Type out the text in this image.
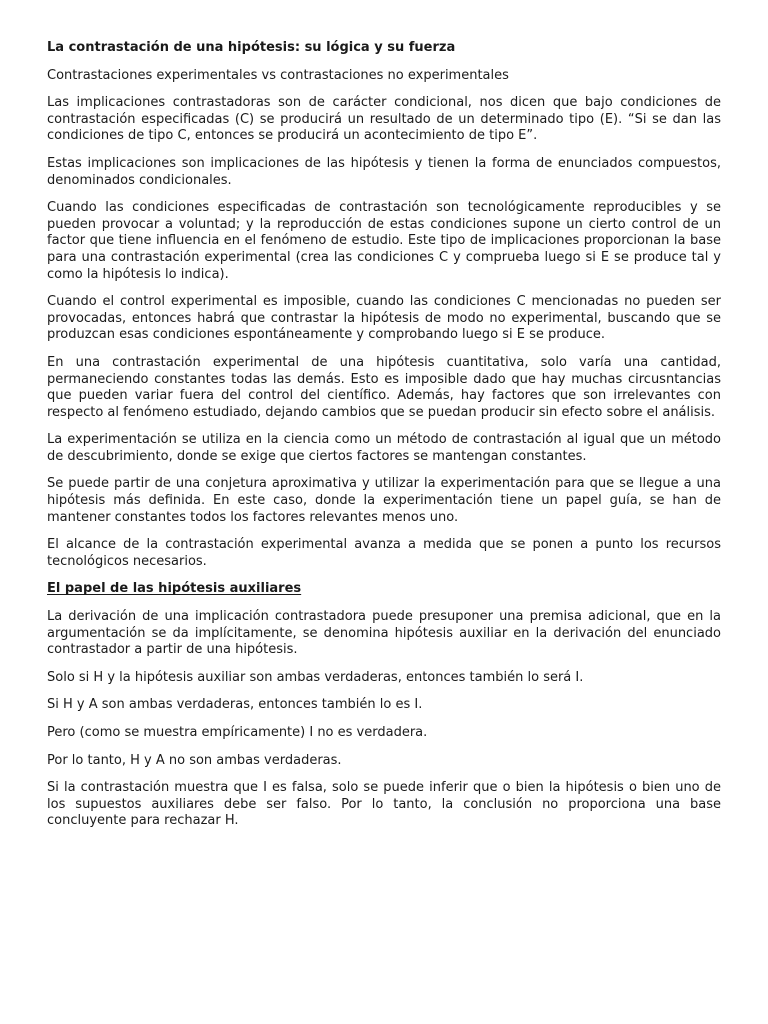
La contrastación de una hipótesis: su lógica y su fuerza

Contrastaciones experimentales vs contrastaciones no experimentales

Las implicaciones contrastadoras son de carácter condicional, nos dicen que bajo condiciones de contrastación especificadas (C) se producirá un resultado de un determinado tipo (E). “Si se dan las condiciones de tipo C, entonces se producirá un acontecimiento de tipo E”.

Estas implicaciones son implicaciones de las hipótesis y tienen la forma de enunciados compuestos, denominados condicionales.

Cuando las condiciones especificadas de contrastación son tecnológicamente reproducibles y se pueden provocar a voluntad; y la reproducción de estas condiciones supone un cierto control de un factor que tiene influencia en el fenómeno de estudio. Este tipo de implicaciones proporcionan la base para una contrastación experimental (crea las condiciones C y comprueba luego si E se produce tal y como la hipótesis lo indica).

Cuando el control experimental es imposible, cuando las condiciones C mencionadas no pueden ser provocadas, entonces habrá que contrastar la hipótesis de modo no experimental, buscando que se produzcan esas condiciones espontáneamente y comprobando luego si E se produce.

En una contrastación experimental de una hipótesis cuantitativa, solo varía una cantidad, permaneciendo constantes todas las demás. Esto es imposible dado que hay muchas circusntancias que pueden variar fuera del control del científico. Además, hay factores que son irrelevantes con respecto al fenómeno estudiado, dejando cambios que se puedan producir sin efecto sobre el análisis.

La experimentación se utiliza en la ciencia como un método de contrastación al igual que un método de descubrimiento, donde se exige que ciertos factores se mantengan constantes.

Se puede partir de una conjetura aproximativa y utilizar la experimentación para que se llegue a una hipótesis más definida. En este caso, donde la experimentación tiene un papel guía, se han de mantener constantes todos los factores relevantes menos uno.

El alcance de la contrastación experimental avanza a medida que se ponen a punto los recursos tecnológicos necesarios.

El papel de las hipótesis auxiliares

La derivación de una implicación contrastadora puede presuponer una premisa adicional, que en la argumentación se da implícitamente, se denomina hipótesis auxiliar en la derivación del enunciado contrastador a partir de una hipótesis.

Solo si H y la hipótesis auxiliar son ambas verdaderas, entonces también lo será I.

Si H y A son ambas verdaderas, entonces también lo es I.

Pero (como se muestra empíricamente) I no es verdadera.

Por lo tanto, H y A no son ambas verdaderas.

Si la contrastación muestra que I es falsa, solo se puede inferir que o bien la hipótesis o bien uno de los supuestos auxiliares debe ser falso. Por lo tanto, la conclusión no proporciona una base concluyente para rechazar H.
